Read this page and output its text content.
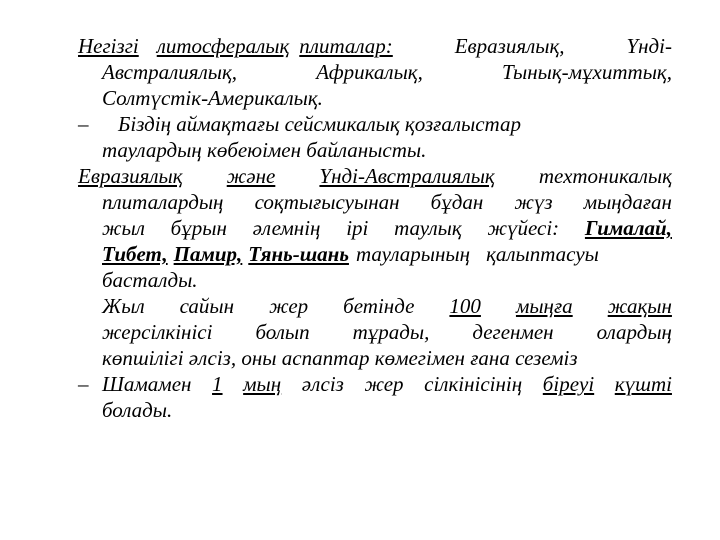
Негізгі литосфералық плиталар:	Евразиялық,	Үнді-
Австралиялық,	Африкалық,	Тынық-мұхиттық,
Солтүстік-Америкалық.
–	Біздің аймақтағы сейсмикалық қозғалыстар
таулардың көбеюімен байланысты.
Евразиялық және Үнді-Австралиялық техтоникалық
плиталардың соқтығысуынан бұдан жүз мыңдаған
жыл бұрын әлемнің ірі таулық жүйесі: Гималай,
Тибет, Памир, Тянь-шань тауларының қалыптасуы
басталды.
Жыл сайын жер бетінде 100 мыңға жақын
жерсілкінісі болып тұрады, дегенмен олардың
көпшілігі әлсіз, оны аспаптар көмегімен ғана сеземіз
– Шамамен 1 мың әлсіз жер сілкінісінің біреуі күшті
болады.
